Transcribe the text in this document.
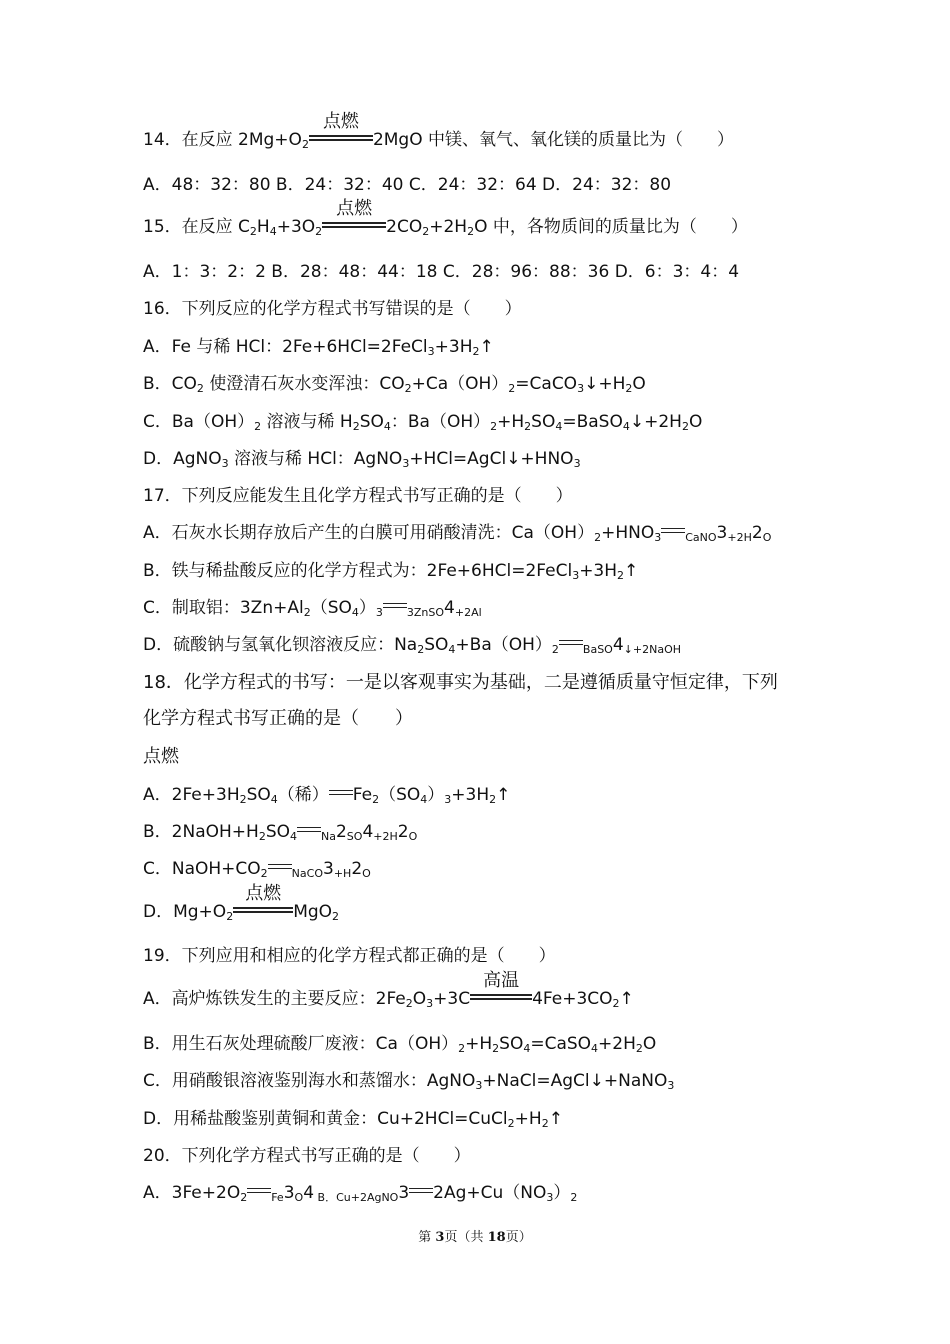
14．在反应 $2Mg+O_2$
点燃
2MgO 中镁、氧气、氧化镁的质量比为（　　）
A．48：32：80 B．24：32：40 C．24：32：64 D．24：32：80
15．在反应 $C_2H_4+3O_2$
点燃
$2CO_2+2H_2O$ 中，各物质间的质量比为（　　）
A．1：3：2：2 B．28：48：44：18 C．28：96：88：36 D．6：3：4：4
16．下列反应的化学方程式书写错误的是（　　）
A．Fe 与稀 HCl：$2Fe+6HCl=2FeCl_3+3H_2↑$
B．$CO_2$ 使澄清石灰水变浑浊：$CO_2+Ca(OH)_2=CaCO_3↓+H_2O$
C．$Ba(OH)_2$ 溶液与稀 $H_2SO_4$：$Ba(OH)_2+H_2SO_4=BaSO_4↓+2H_2O$
D．AgNO$_3$ 溶液与稀 HCl：$AgNO_3+HCl=AgCl↓+HNO_3$
17．下列反应能发生且化学方程式书写正确的是（　　）
A．石灰水长期存放后产生的白膜可用硝酸清洗：$Ca(OH)_2+HNO_3$ $_{CaNO}3_{+2H}2_O$
B．铁与稀盐酸反应的化学方程式为：$2Fe+6HCl=2FeCl_3+3H_2↑$
C．制取铝：$3Zn+Al_2(SO_4)_3$ $_{3ZnSO}4_{+2Al}$
D．硫酸钠与氢氧化钡溶液反应：$Na_2SO_4+Ba(OH)_2$ $_{BaSO}4_{↓+2NaOH}$
18．化学方程式的书写：一是以客观事实为基础，二是遵循质量守恒定律，下列
化学方程式书写正确的是（　　）
点燃
A．$2Fe+3H_2SO_4$（稀） $Fe_2(SO_4)_3+3H_2↑$
B．$2NaOH+H_2SO_4$ $_{Na}2_{SO}4_{+2H}2_O$
C．$NaOH+CO_2$ $_{NaCO}3_{+H}2_O$
D．$Mg+O_2$
点燃
MgO$_2$
19．下列应用和相应的化学方程式都正确的是（　　）
A．高炉炼铁发生的主要反应：$2Fe_2O_3+3C$
高温
$4Fe+3CO_2↑$
B．用生石灰处理硫酸厂废液：$Ca(OH)_2+H_2SO_4=CaSO_4+2H_2O$
C．用硝酸银溶液鉴别海水和蒸馏水：AgNO$_3$+NaCl=AgCl↓+NaNO$_3$
D．用稀盐酸鉴别黄铜和黄金：$Cu+2HCl=CuCl_2+H_2↑$
20．下列化学方程式书写正确的是（　　）
A．$3Fe+2O_2$ $_{Fe}3_O4$ $_{B.Cu+2AgNO}$3 $2Ag+Cu(NO_3)_2$
第 3页（共 18页）
